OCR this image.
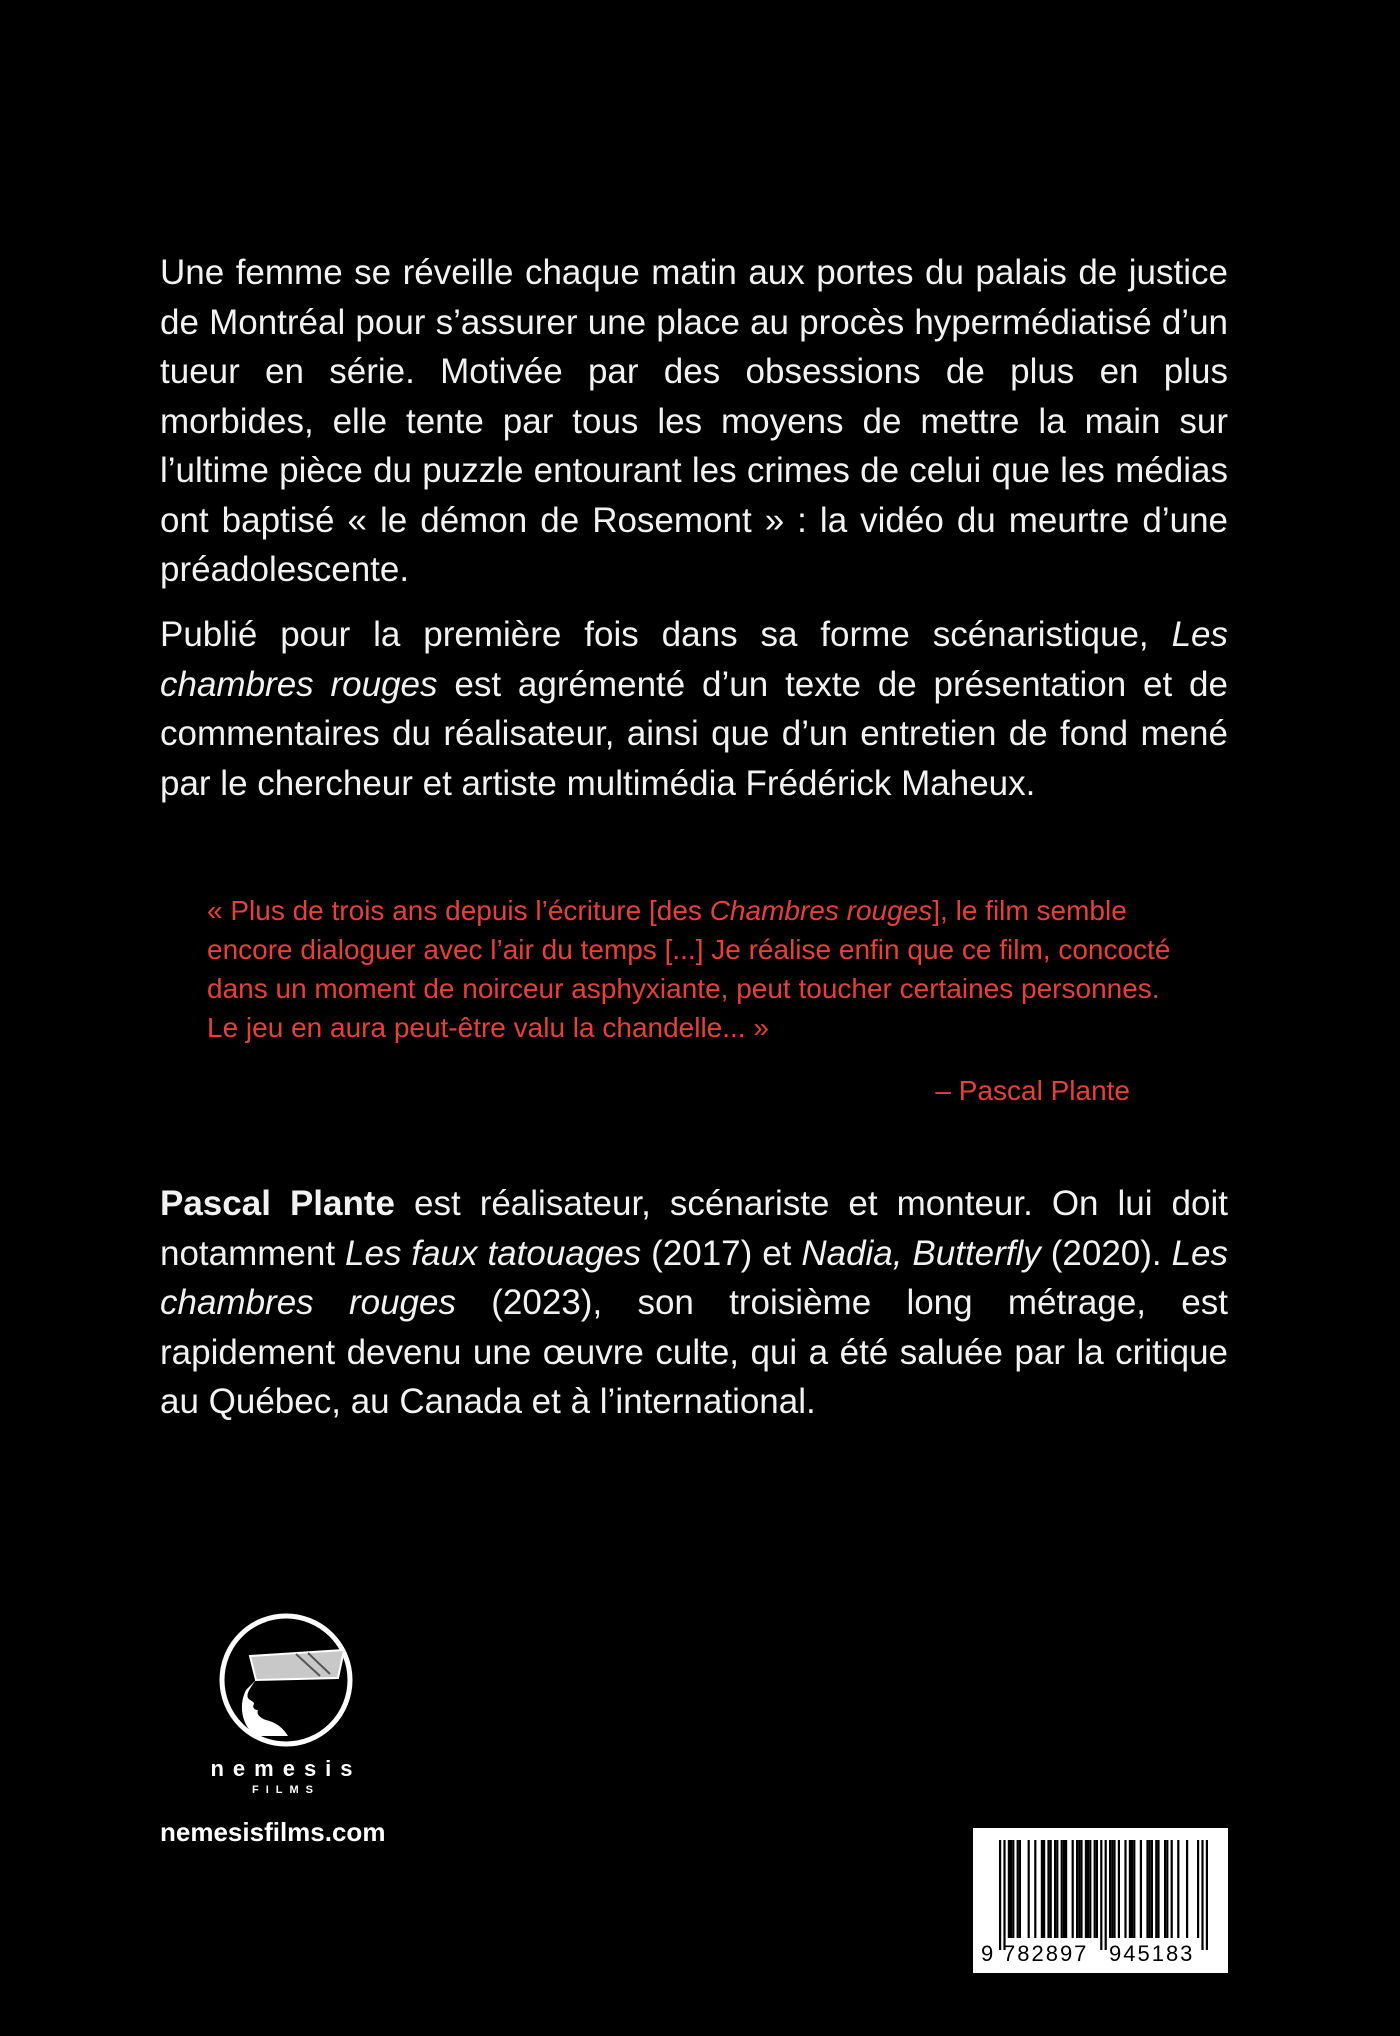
Une femme se réveille chaque matin aux portes du palais de justice de Montréal pour s’assurer une place au procès hypermédiatisé d’un tueur en série. Motivée par des obsessions de plus en plus morbides, elle tente par tous les moyens de mettre la main sur l’ultime pièce du puzzle entourant les crimes de celui que les médias ont baptisé « le démon de Rosemont » : la vidéo du meurtre d’une préadolescente.

Publié pour la première fois dans sa forme scénaristique, Les chambres rouges est agrémenté d’un texte de présentation et de commentaires du réalisateur, ainsi que d’un entretien de fond mené par le chercheur et artiste multimédia Frédérick Maheux.

« Plus de trois ans depuis l’écriture [des Chambres rouges], le film semble encore dialoguer avec l’air du temps [...] Je réalise enfin que ce film, concocté dans un moment de noirceur asphyxiante, peut toucher certaines personnes. Le jeu en aura peut-être valu la chandelle... »

– Pascal Plante

Pascal Plante est réalisateur, scénariste et monteur. On lui doit notamment Les faux tatouages (2017) et Nadia, Butterfly (2020). Les chambres rouges (2023), son troisième long métrage, est rapidement devenu une œuvre culte, qui a été saluée par la critique au Québec, au Canada et à l’international.

nemesis
FILMS
nemesisfilms.com
9 782897 945183
